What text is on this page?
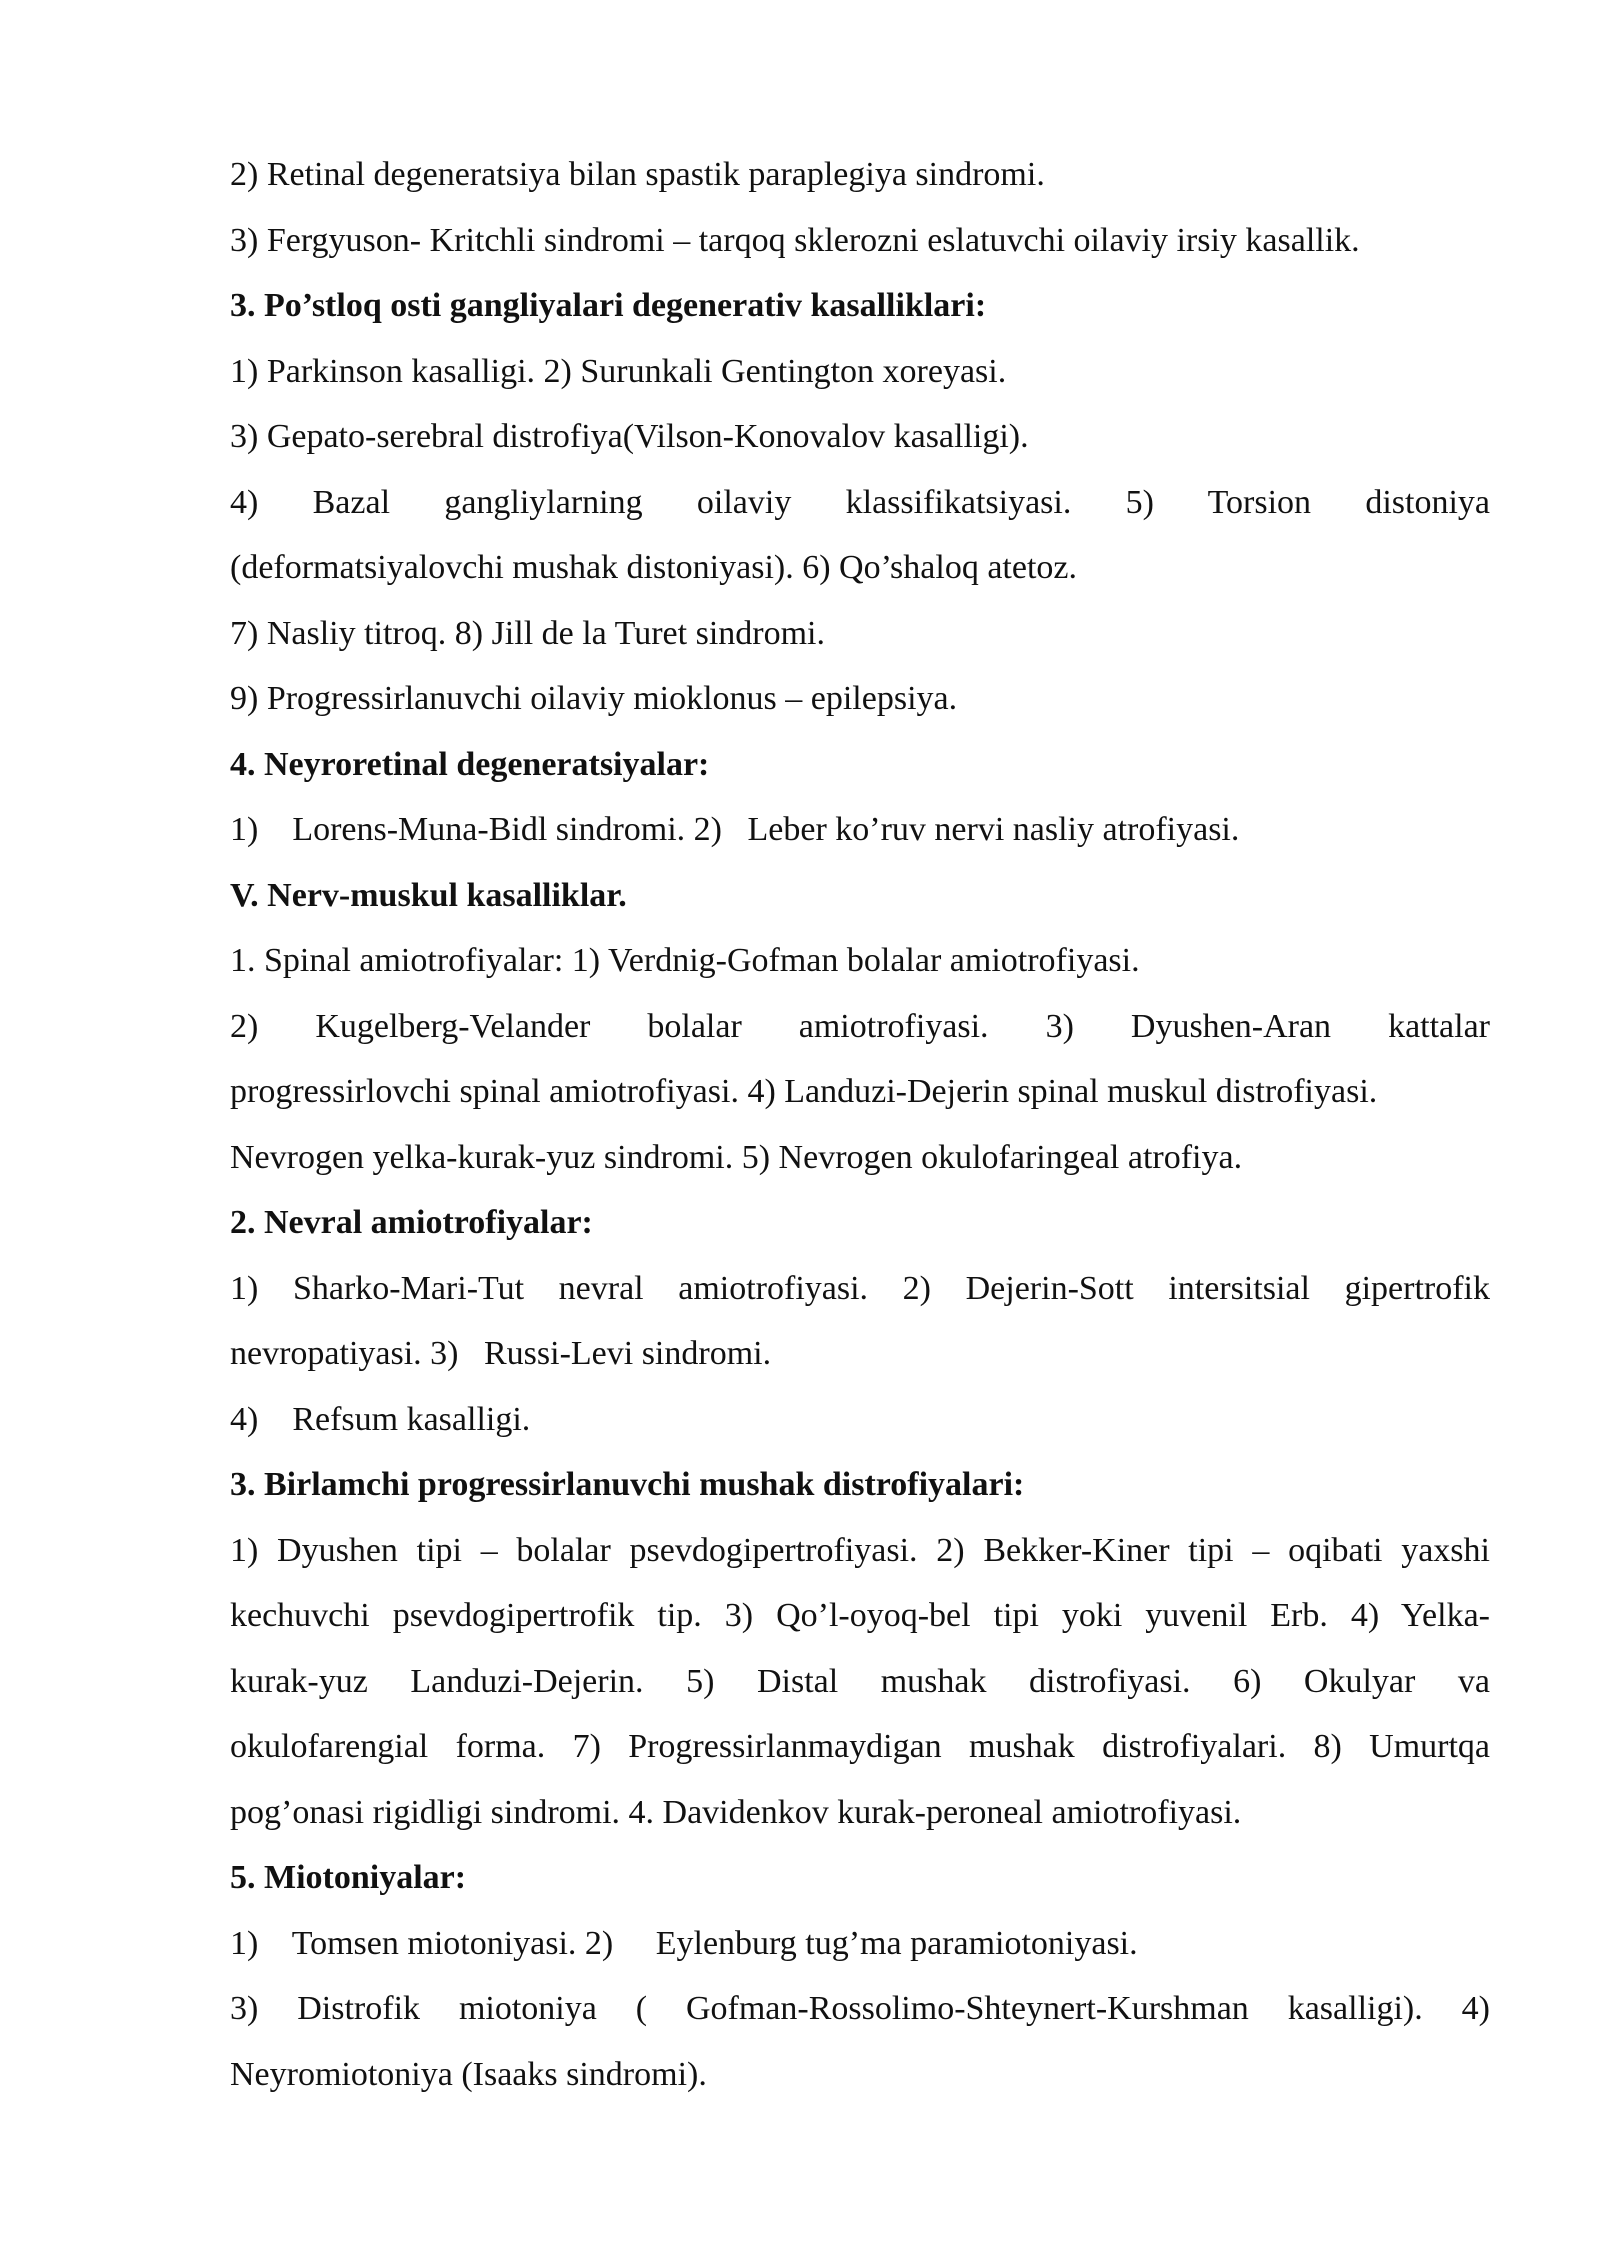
2) Retinal degeneratsiya bilan spastik paraplegiya sindromi.

3) Fergyuson- Kritchli sindromi – tarqoq sklerozni eslatuvchi oilaviy irsiy kasallik.

3. Po’stloq osti gangliyalari degenerativ kasalliklari:

1) Parkinson kasalligi. 2) Surunkali Gentington xoreyasi.

3) Gepato-serebral distrofiya(Vilson-Konovalov kasalligi).

4) Bazal gangliylarning oilaviy klassifikatsiyasi. 5) Torsion distoniya

(deformatsiyalovchi mushak distoniyasi). 6) Qo’shaloq atetoz.

7) Nasliy titroq. 8) Jill de la Turet sindromi.

9) Progressirlanuvchi oilaviy mioklonus – epilepsiya.

4. Neyroretinal degeneratsiyalar:

1)    Lorens-Muna-Bidl sindromi. 2)   Leber ko’ruv nervi nasliy atrofiyasi.

V. Nerv-muskul kasalliklar.

1. Spinal amiotrofiyalar: 1) Verdnig-Gofman bolalar amiotrofiyasi.

2) Kugelberg-Velander bolalar amiotrofiyasi. 3) Dyushen-Aran kattalar

progressirlovchi spinal amiotrofiyasi. 4) Landuzi-Dejerin spinal muskul distrofiyasi.

Nevrogen yelka-kurak-yuz sindromi. 5) Nevrogen okulofaringeal atrofiya.

2. Nevral amiotrofiyalar:

1) Sharko-Mari-Tut nevral amiotrofiyasi. 2) Dejerin-Sott intersitsial gipertrofik

nevropatiyasi. 3)   Russi-Levi sindromi.

4)    Refsum kasalligi.

3. Birlamchi progressirlanuvchi mushak distrofiyalari:

1) Dyushen tipi – bolalar psevdogipertrofiyasi. 2) Bekker-Kiner tipi – oqibati yaxshi

kechuvchi psevdogipertrofik tip. 3) Qo’l-oyoq-bel tipi yoki yuvenil Erb. 4) Yelka-

kurak-yuz Landuzi-Dejerin. 5) Distal mushak distrofiyasi. 6) Okulyar va

okulofarengial forma. 7) Progressirlanmaydigan mushak distrofiyalari. 8) Umurtqa

pog’onasi rigidligi sindromi. 4. Davidenkov kurak-peroneal amiotrofiyasi.

5. Miotoniyalar:

1)    Tomsen miotoniyasi. 2)     Eylenburg tug’ma paramiotoniyasi.

3) Distrofik miotoniya ( Gofman-Rossolimo-Shteynert-Kurshman kasalligi). 4)

Neyromiotoniya (Isaaks sindromi).
